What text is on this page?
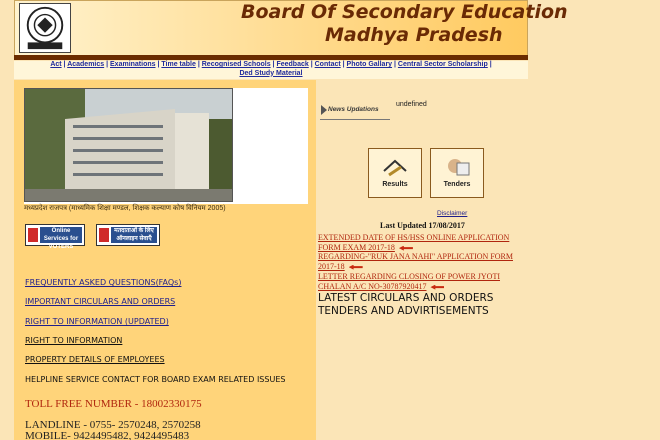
Board Of Secondary Education
Madhya Pradesh
Act | Academics | Examinations | Time table | Recognised Schools | Feedback | Contact | Photo Gallary | Central Sector Scholarship |
Ded Study Material
मध्यप्रदेश राजपत्र (माध्यमिक शिक्षा मण्डल, शिक्षक कल्याण कोष विनियम 2005)
Online Services for
VOTERS
मतदाताओं के लिए
ऑनलाइन सेवाएँ
FREQUENTLY ASKED QUESTIONS(FAQs)
IMPORTANT CIRCULARS AND ORDERS
RIGHT TO INFORMATION (UPDATED)
RIGHT TO INFORMATION
PROPERTY DETAILS OF EMPLOYEES
HELPLINE SERVICE CONTACT FOR BOARD EXAM RELATED ISSUES
TOLL FREE NUMBER - 18002330175
LANDLINE - 0755- 2570248, 2570258
MOBILE- 9424495482, 9424495483
News Updations
undefined
Results	Tenders
Disclaimer
Last Updated 17/08/2017
EXTENDED DATE OF HS/HSS ONLINE APPLICATION
FORM EXAM 2017-18
REGARDING-"RUK JANA NAHI" APPLICATION FORM
2017-18
LETTER REGARDING CLOSING OF POWER JYOTI
CHALAN A/C NO-30787920417
LATEST CIRCULARS AND ORDERS
TENDERS AND ADVIRTISEMENTS
